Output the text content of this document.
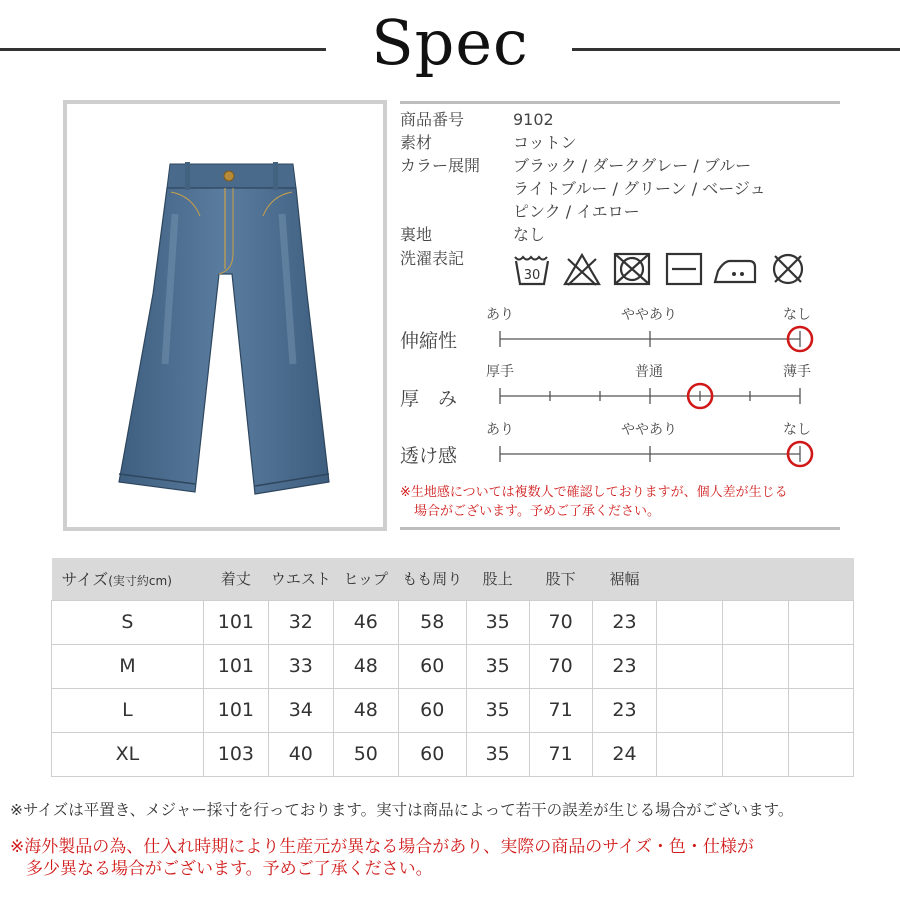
Spec
商品番号	9102
素材	コットン
カラー展開 ブラック / ダークグレー / ブルー
ライトブルー / グリーン / ベージュ
ピンク / イエロー
裏地	なし
洗濯表記
30
あり	ややあり	なし
伸縮性
厚手	普通	薄手
厚　み
あり	ややあり	なし
透け感
※生地感については複数人で確認しておりますが、個人差が生じる
場合がございます。予めご了承ください。
サイズ(実寸約cm)	着丈	ウエスト	ヒップ	もも周り	股上	股下	裾幅			
S	101	32	46	58	35	70	23			
M	101	33	48	60	35	70	23			
L	101	34	48	60	35	71	23			
XL	103	40	50	60	35	71	24			
※サイズは平置き、メジャー採寸を行っております。実寸は商品によって若干の誤差が生じる場合がございます。
※海外製品の為、仕入れ時期により生産元が異なる場合があり、実際の商品のサイズ・色・仕様が
多少異なる場合がございます。予めご了承ください。
